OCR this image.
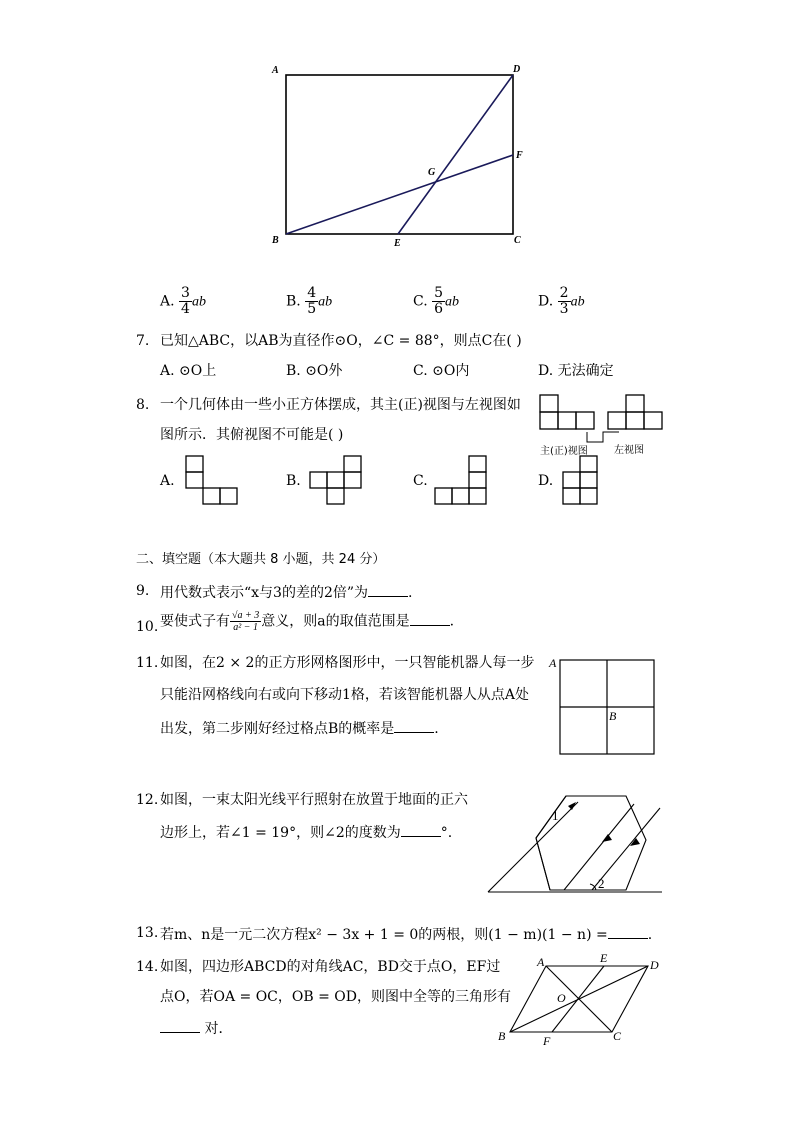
A	D
B	C
E
F
G
A. $\frac{3}{4}$ ab	B. $\frac{4}{5}$ ab	C. $\frac{5}{6}$ ab	D. $\frac{2}{3}$ ab
7. 已知△ABC，以AB为直径作⊙O，∠C = 88°，则点C在( )
A. ⊙O上	B. ⊙O外	C. ⊙O内	D. 无法确定
8. 一个几何体由一些小正方体摆成，其主(正)视图与左视图如
图所示．其俯视图不可能是( )
主(正)视图	左视图
A.	B.	C.	D.
二、填空题（本大题共 8 小题，共 24 分）
9. 用代数式表示“x与3的差的2倍”为	.
10. 要使式子有 $\frac{√a + 3}{\text{a² − 1}}$ 意义，则a的取值范围是	.
11. 如图，在2 × 2的正方形网格图形中，一只智能机器人每一步
只能沿网格线向右或向下移动1格，若该智能机器人从点A处
出发，第二步刚好经过格点B的概率是	.
A
B
12. 如图，一束太阳光线平行照射在放置于地面的正六
边形上，若∠1 = 19°，则∠2的度数为	°.
1
2
13. 若m、n是一元二次方程x² − 3x + 1 = 0的两根，则(1 − m)(1 − n) =	.
14. 如图，四边形ABCD的对角线AC，BD交于点O，EF过
点O，若OA = OC，OB = OD，则图中全等的三角形有
对．
A	E	D
O
B	F	C
